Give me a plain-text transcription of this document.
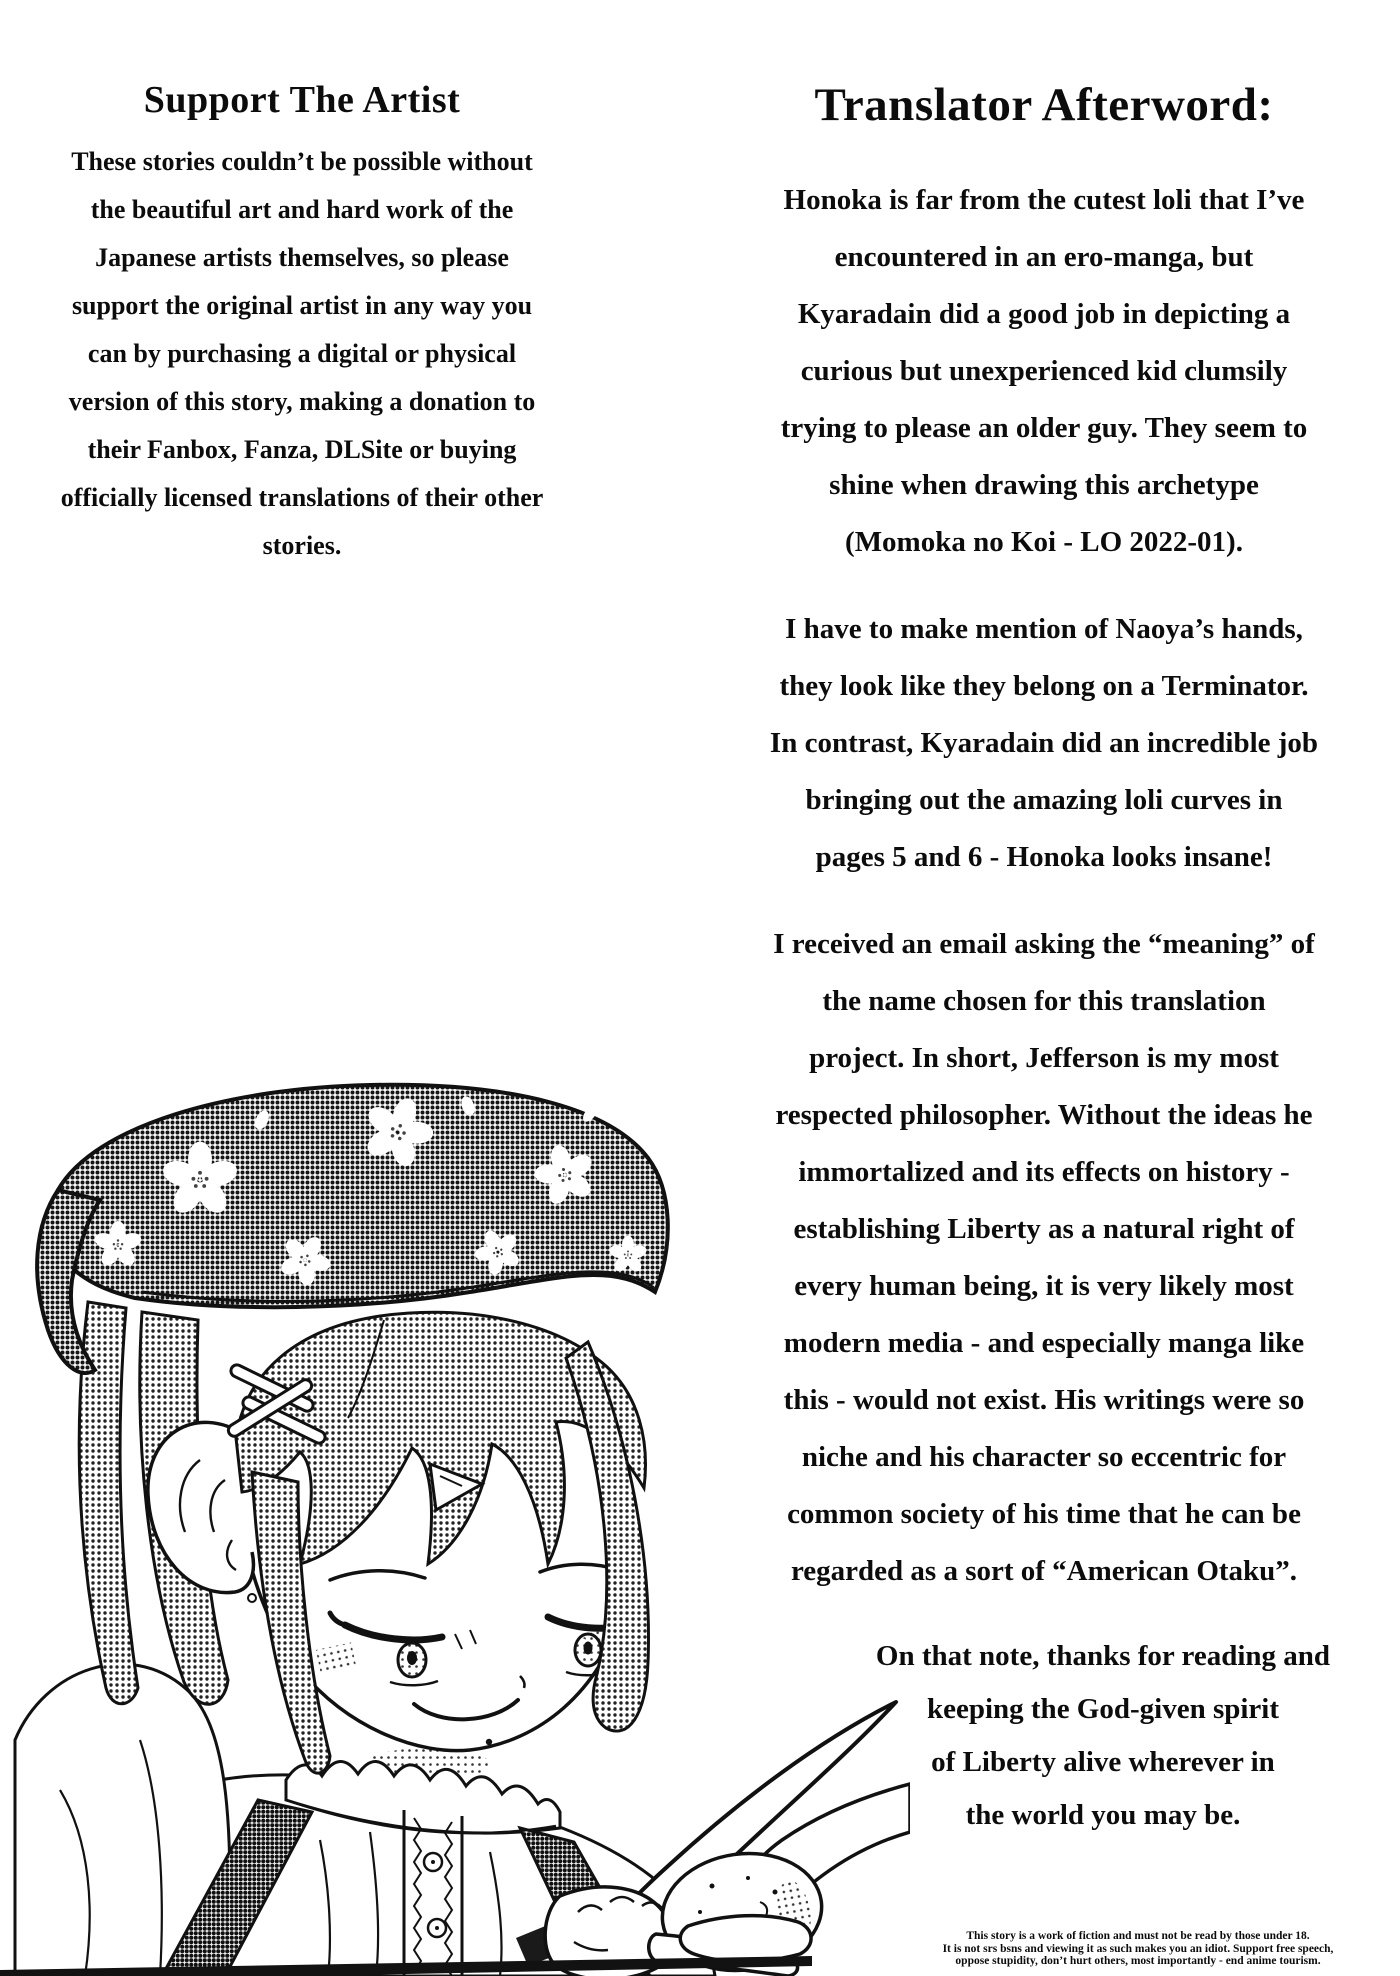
Support The Artist
These stories couldn’t be possible without
the beautiful art and hard work of the
Japanese artists themselves, so please
support the original artist in any way you
can by purchasing a digital or physical
version of this story, making a donation to
their Fanbox, Fanza, DLSite or buying
officially licensed translations of their other
stories.
Translator Afterword:
Honoka is far from the cutest loli that I’ve
encountered in an ero-manga, but
Kyaradain did a good job in depicting a
curious but unexperienced kid clumsily
trying to please an older guy. They seem to
shine when drawing this archetype
(Momoka no Koi - LO 2022-01).
I have to make mention of Naoya’s hands,
they look like they belong on a Terminator.
In contrast, Kyaradain did an incredible job
bringing out the amazing loli curves in
pages 5 and 6 - Honoka looks insane!
I received an email asking the “meaning” of
the name chosen for this translation
project. In short, Jefferson is my most
respected philosopher. Without the ideas he
immortalized and its effects on history -
establishing Liberty as a natural right of
every human being, it is very likely most
modern media - and especially manga like
this - would not exist. His writings were so
niche and his character so eccentric for
common society of his time that he can be
regarded as a sort of “American Otaku”.
On that note, thanks for reading and
keeping the God-given spirit
of Liberty alive wherever in
the world you may be.
This story is a work of fiction and must not be read by those under 18.
It is not srs bsns and viewing it as such makes you an idiot. Support free speech,
oppose stupidity, don’t hurt others, most importantly - end anime tourism.
